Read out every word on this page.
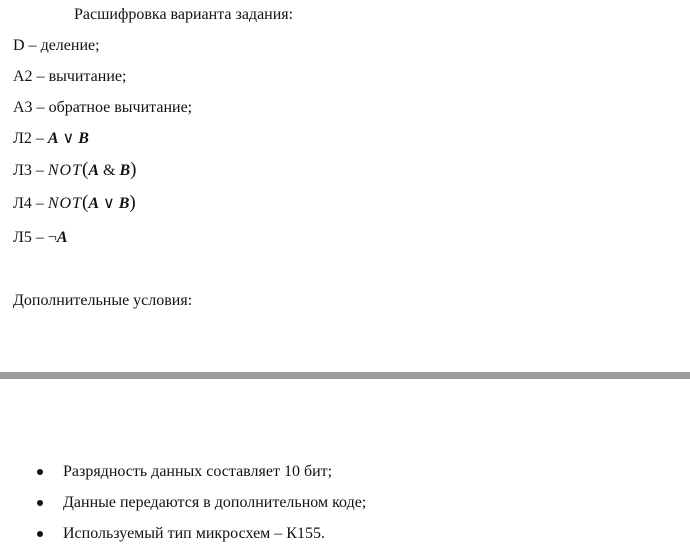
Расшифровка варианта задания:
D – деление;
А2 – вычитание;
А3 – обратное вычитание;
Л2 – A ∨ B
Л3 – NOT(A & B)
Л4 – NOT(A ∨ B)
Л5 – ¬A
Дополнительные условия:
Разрядность данных составляет 10 бит;
Данные передаются в дополнительном коде;
Используемый тип микросхем – К155.
